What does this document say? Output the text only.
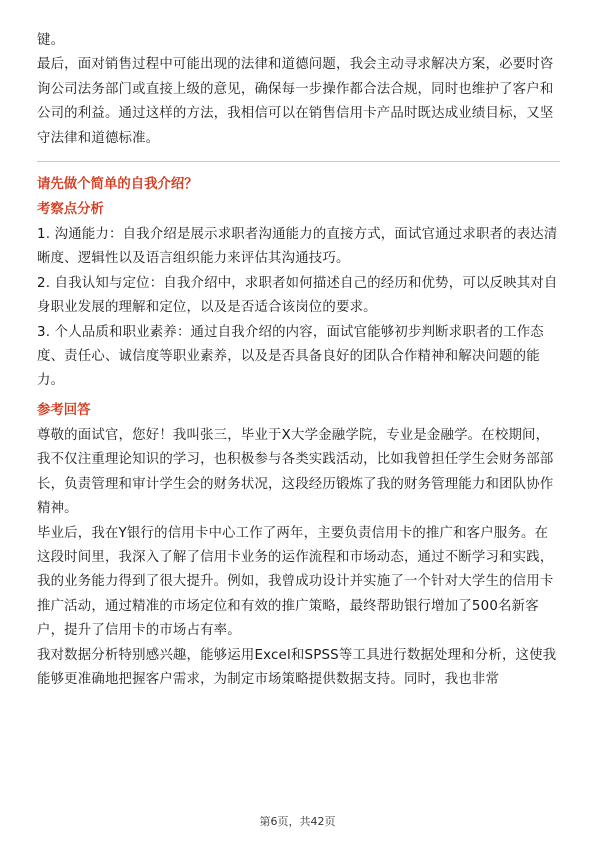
键。

最后，面对销售过程中可能出现的法律和道德问题，我会主动寻求解决方案，必要时咨询公司法务部门或直接上级的意见，确保每一步操作都合法合规，同时也维护了客户和公司的利益。通过这样的方法，我相信可以在销售信用卡产品时既达成业绩目标，又坚守法律和道德标准。

请先做个简单的自我介绍？

考察点分析

1. 沟通能力：自我介绍是展示求职者沟通能力的直接方式，面试官通过求职者的表达清晰度、逻辑性以及语言组织能力来评估其沟通技巧。

2. 自我认知与定位：自我介绍中，求职者如何描述自己的经历和优势，可以反映其对自身职业发展的理解和定位，以及是否适合该岗位的要求。

3. 个人品质和职业素养：通过自我介绍的内容，面试官能够初步判断求职者的工作态度、责任心、诚信度等职业素养，以及是否具备良好的团队合作精神和解决问题的能力。

参考回答

尊敬的面试官，您好！我叫张三，毕业于X大学金融学院，专业是金融学。在校期间，我不仅注重理论知识的学习，也积极参与各类实践活动，比如我曾担任学生会财务部部长，负责管理和审计学生会的财务状况，这段经历锻炼了我的财务管理能力和团队协作精神。

毕业后，我在Y银行的信用卡中心工作了两年，主要负责信用卡的推广和客户服务。在这段时间里，我深入了解了信用卡业务的运作流程和市场动态，通过不断学习和实践，我的业务能力得到了很大提升。例如，我曾成功设计并实施了一个针对大学生的信用卡推广活动，通过精准的市场定位和有效的推广策略，最终帮助银行增加了500名新客户，提升了信用卡的市场占有率。

我对数据分析特别感兴趣，能够运用Excel和SPSS等工具进行数据处理和分析，这使我能够更准确地把握客户需求，为制定市场策略提供数据支持。同时，我也非常

第6页，共42页
